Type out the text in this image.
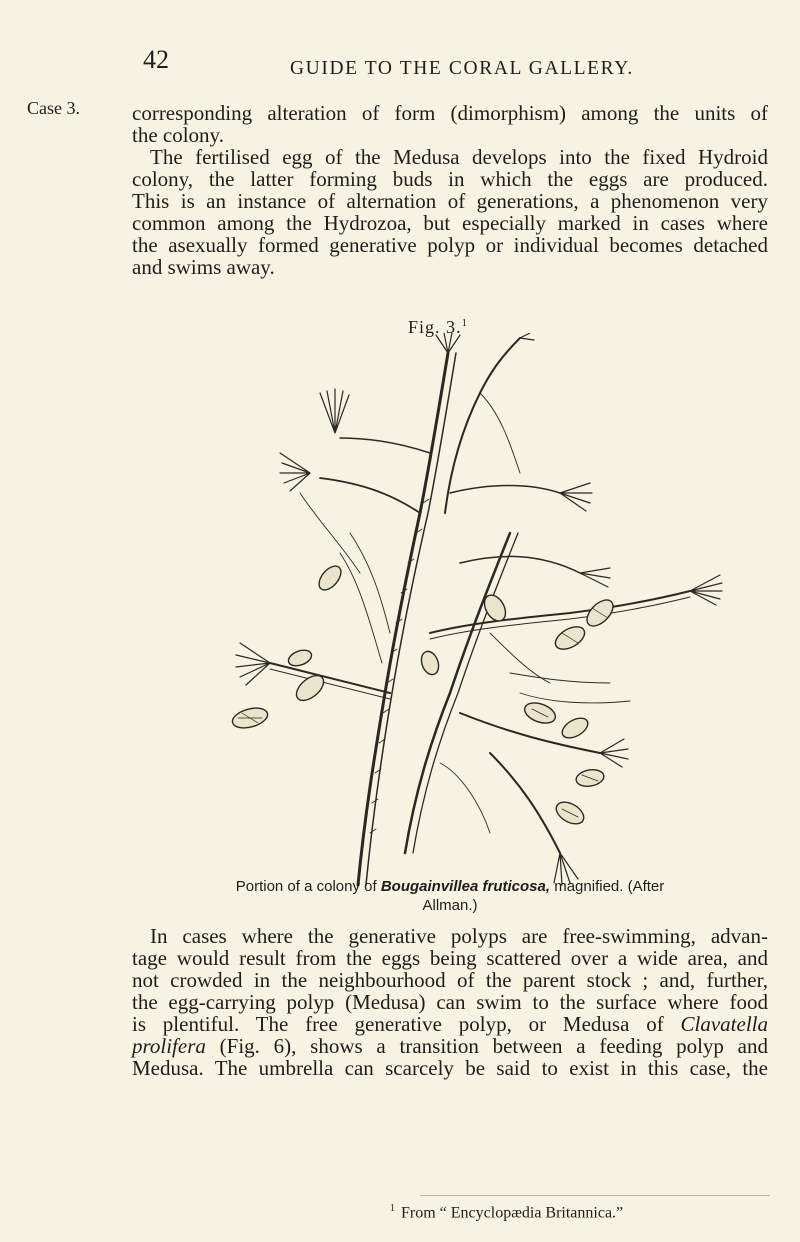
42	GUIDE TO THE CORAL GALLERY.
Case 3. corresponding alteration of form (dimorphism) among the units of

the colony.

The fertilised egg of the Medusa develops into the fixed Hydroid

colony, the latter forming buds in which the eggs are produced.

This is an instance of alternation of generations, a phenomenon very

common among the Hydrozoa, but especially marked in cases where

the asexually formed generative polyp or individual becomes detached

and swims away.

Fig. 3.$^1$
Portion of a colony of Bougainvillea fruticosa, magnified. (After
Allman.)

In cases where the generative polyps are free-swimming, advan-

tage would result from the eggs being scattered over a wide area, and

not crowded in the neighbourhood of the parent stock ; and, further,

the egg-carrying polyp (Medusa) can swim to the surface where food

is plentiful. The free generative polyp, or Medusa of Clavatella

prolifera (Fig. 6), shows a transition between a feeding polyp and

Medusa. The umbrella can scarcely be said to exist in this case, the

$^1$ From “ Encyclopædia Britannica.”
